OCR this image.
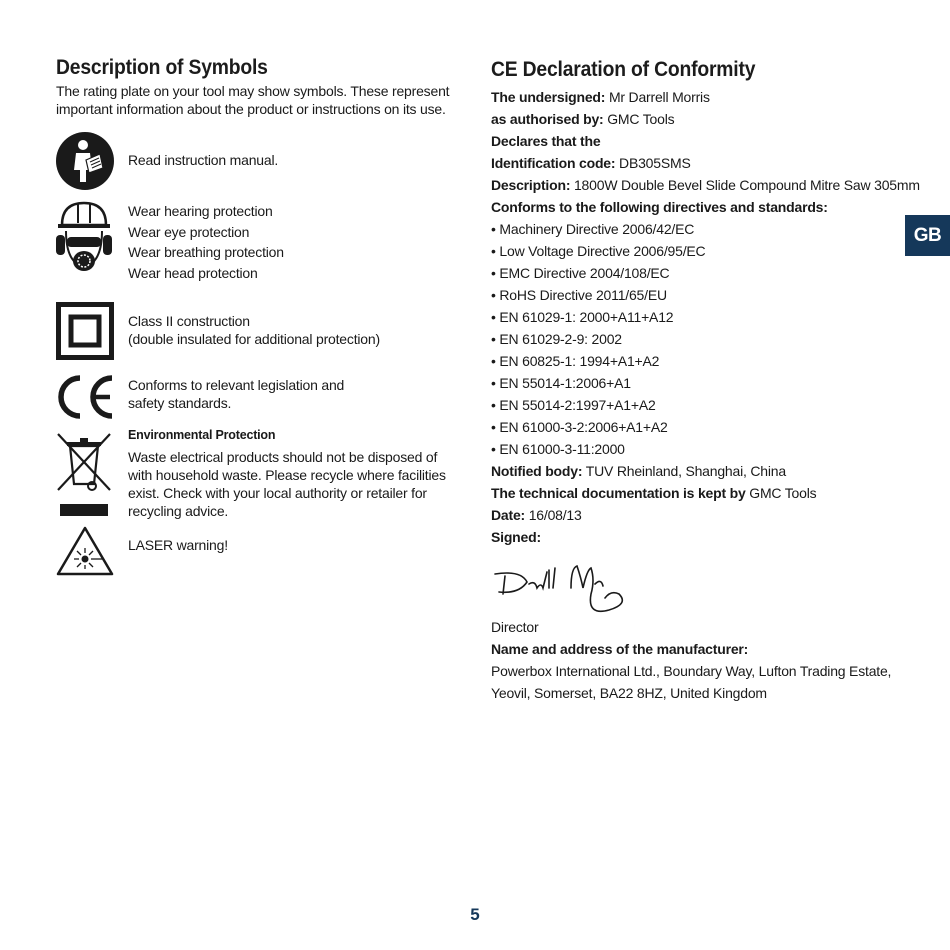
Description of Symbols
The rating plate on your tool may show symbols. These represent important information about the product or instructions on its use.
Read instruction manual.
Wear hearing protection
Wear eye protection
Wear breathing protection
Wear head protection
Class II construction
(double insulated for additional protection)
Conforms to relevant legislation and
safety standards.
Environmental Protection
Waste electrical products should not be disposed of with household waste. Please recycle where facilities exist. Check with your local authority or retailer for recycling advice.
LASER warning!
CE Declaration of Conformity
The undersigned: Mr Darrell Morris
as authorised by: GMC Tools
Declares that the
Identification code: DB305SMS
Description: 1800W Double Bevel Slide Compound Mitre Saw 305mm
Conforms to the following directives and standards:
• Machinery Directive 2006/42/EC
• Low Voltage Directive 2006/95/EC
• EMC Directive 2004/108/EC
• RoHS Directive 2011/65/EU
• EN 61029-1: 2000+A11+A12
• EN 61029-2-9: 2002
• EN 60825-1: 1994+A1+A2
• EN 55014-1:2006+A1
• EN 55014-2:1997+A1+A2
• EN 61000-3-2:2006+A1+A2
• EN 61000-3-11:2000
Notified body: TUV Rheinland, Shanghai, China
The technical documentation is kept by GMC Tools
Date: 16/08/13
Signed:
Director
Name and address of the manufacturer:
Powerbox International Ltd., Boundary Way, Lufton Trading Estate,
Yeovil, Somerset, BA22 8HZ, United Kingdom
GB
5
